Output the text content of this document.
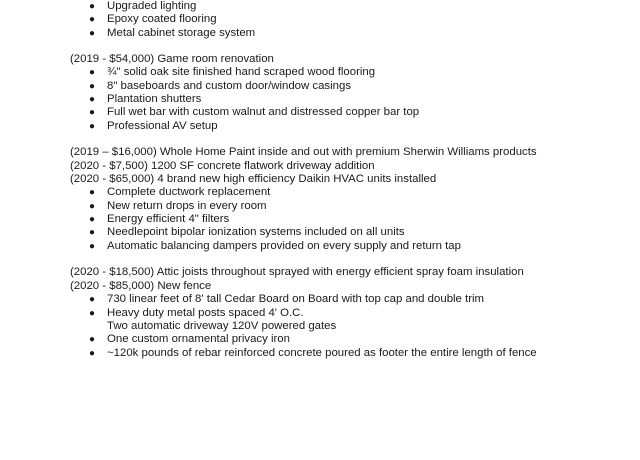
● Upgraded lighting
● Epoxy coated flooring
● Metal cabinet storage system
(2019 - $54,000) Game room renovation
● ¾" solid oak site finished hand scraped wood flooring
● 8" baseboards and custom door/window casings
● Plantation shutters
● Full wet bar with custom walnut and distressed copper bar top
● Professional AV setup
(2019 – $16,000) Whole Home Paint inside and out with premium Sherwin Williams products
(2020 - $7,500) 1200 SF concrete flatwork driveway addition
(2020 - $65,000) 4 brand new high efficiency Daikin HVAC units installed
● Complete ductwork replacement
● New return drops in every room
● Energy efficient 4" filters
● Needlepoint bipolar ionization systems included on all units
● Automatic balancing dampers provided on every supply and return tap
(2020 - $18,500) Attic joists throughout sprayed with energy efficient spray foam insulation
(2020 - $85,000) New fence
● 730 linear feet of 8' tall Cedar Board on Board with top cap and double trim
● Heavy duty metal posts spaced 4' O.C.
Two automatic driveway 120V powered gates
● One custom ornamental privacy iron
● ~120k pounds of rebar reinforced concrete poured as footer the entire length of fence
